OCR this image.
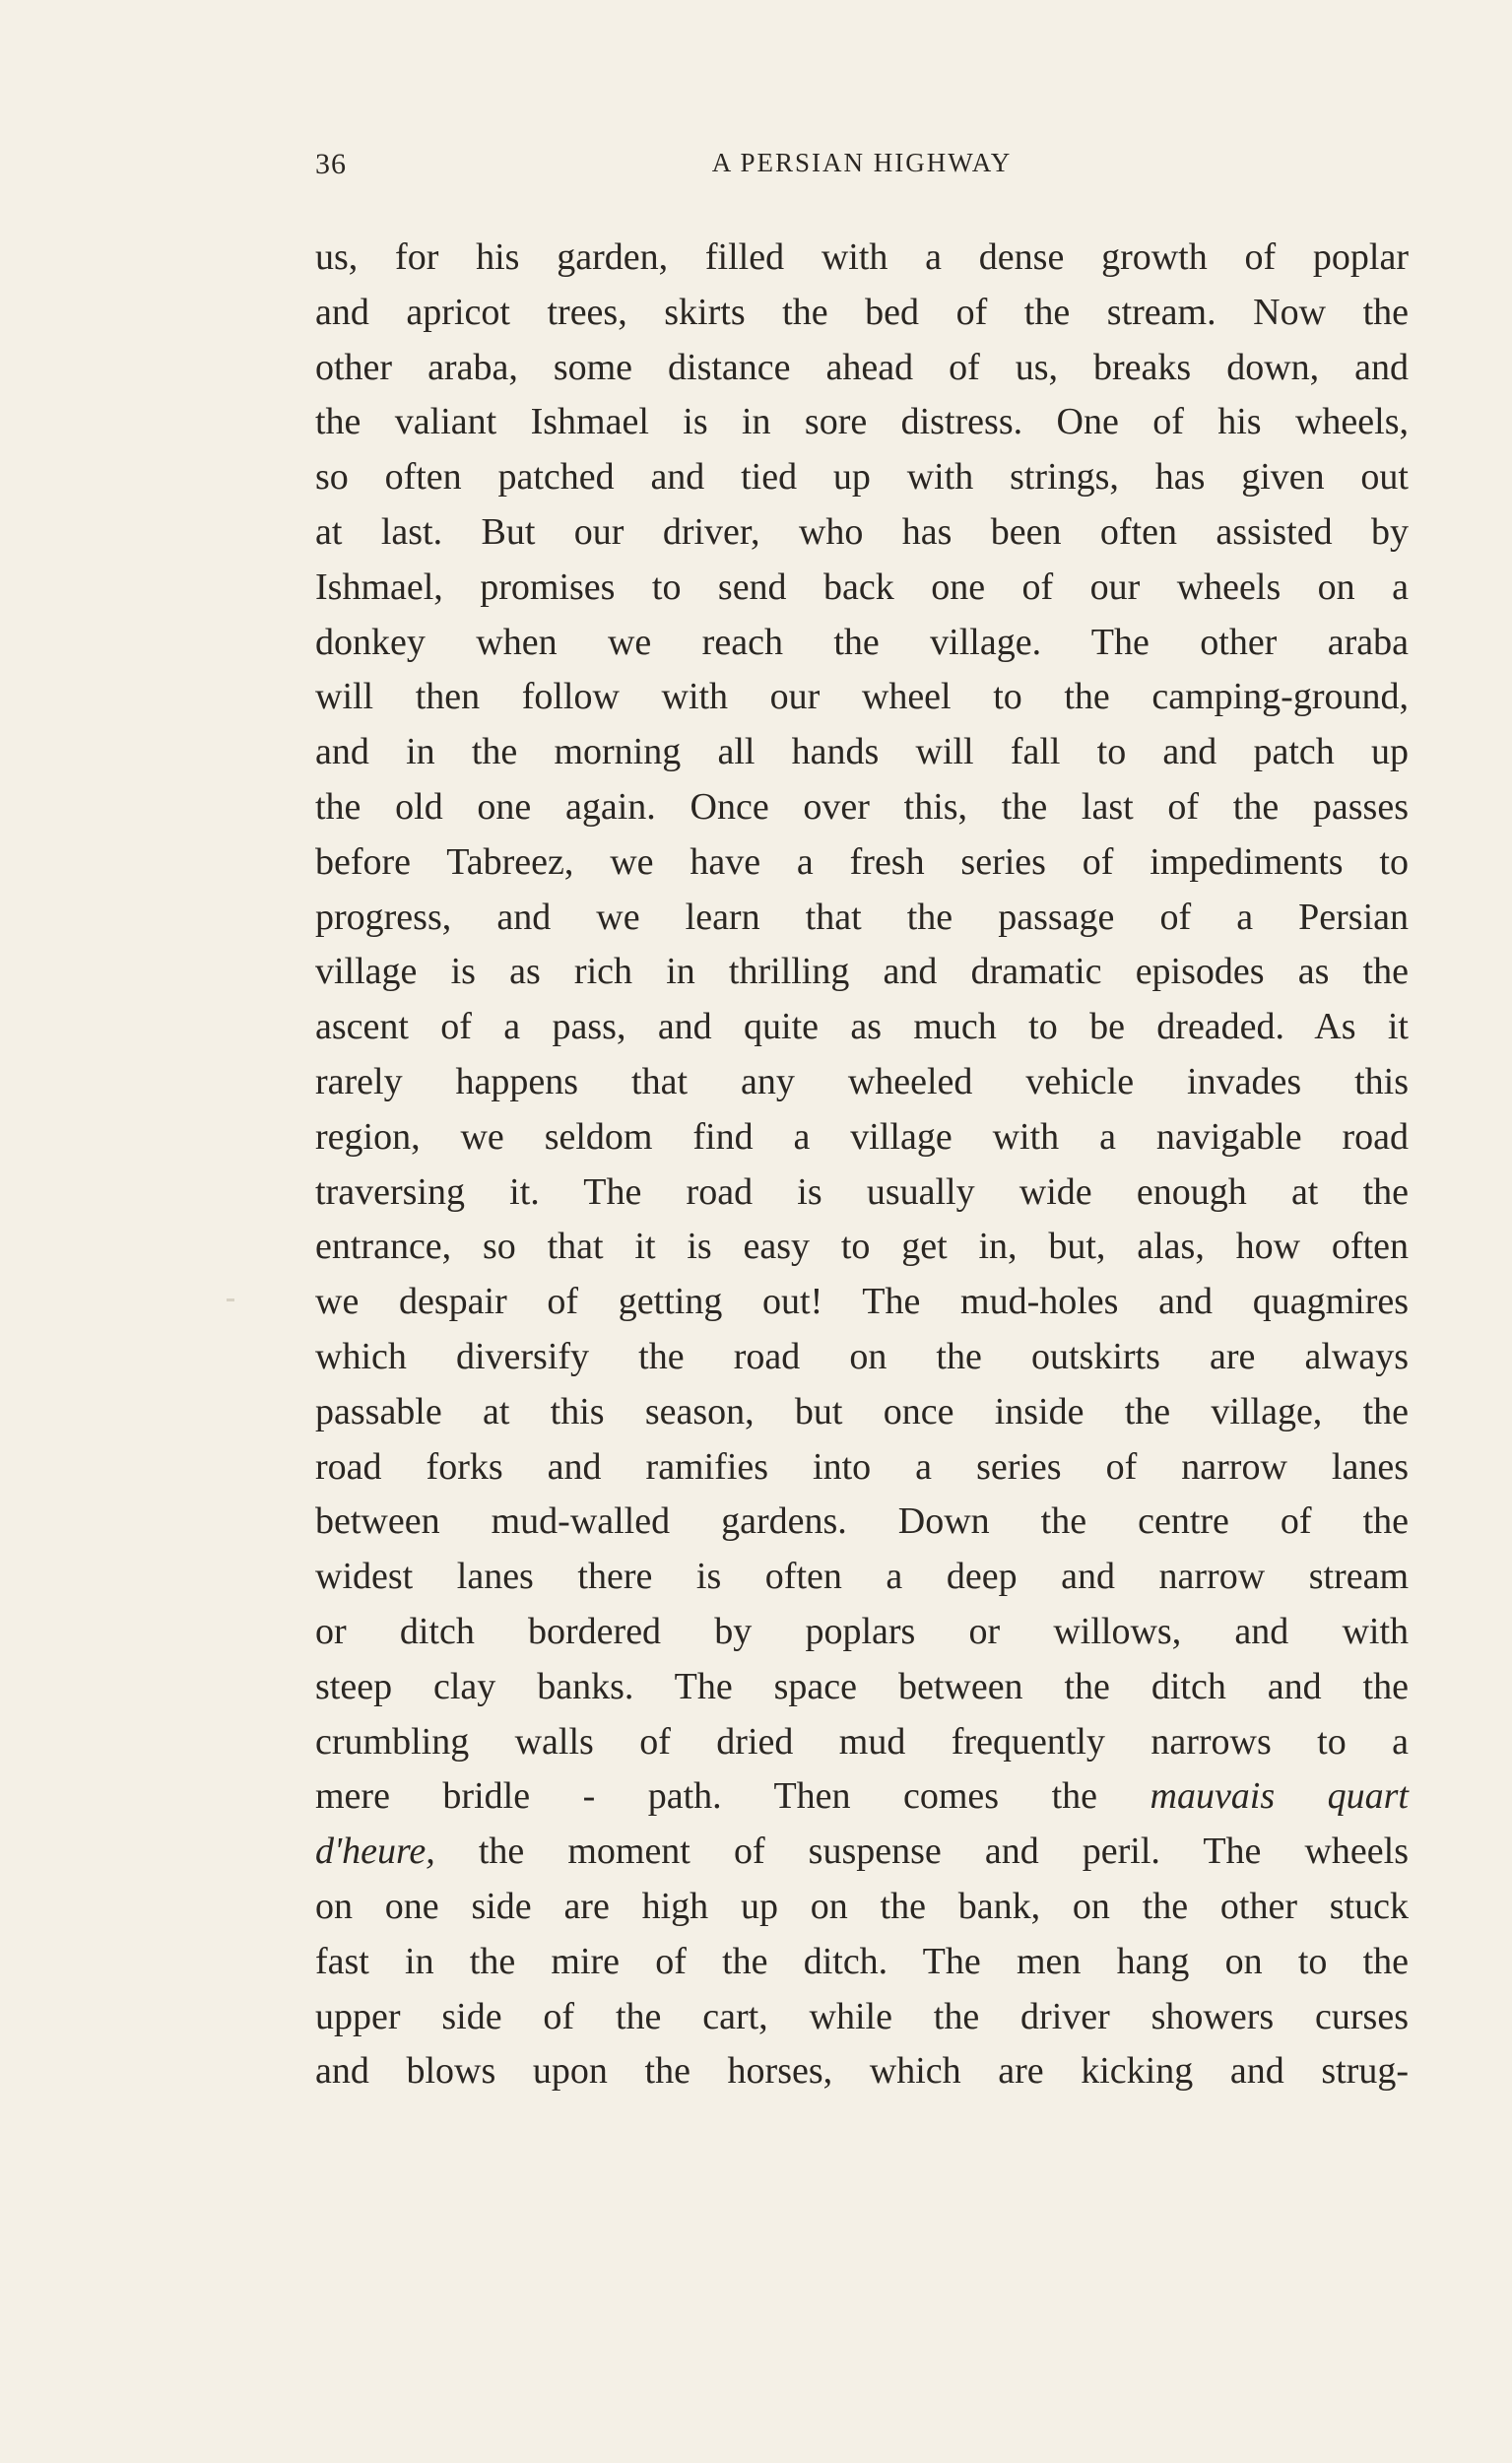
36	A PERSIAN HIGHWAY
us, for his garden, filled with a dense growth of poplar
and apricot trees, skirts the bed of the stream. Now the
other araba, some distance ahead of us, breaks down, and
the valiant Ishmael is in sore distress. One of his wheels,
so often patched and tied up with strings, has given out
at last. But our driver, who has been often assisted by
Ishmael, promises to send back one of our wheels on a
donkey when we reach the village. The other araba
will then follow with our wheel to the camping-ground,
and in the morning all hands will fall to and patch up
the old one again. Once over this, the last of the passes
before Tabreez, we have a fresh series of impediments to
progress, and we learn that the passage of a Persian
village is as rich in thrilling and dramatic episodes as the
ascent of a pass, and quite as much to be dreaded. As it
rarely happens that any wheeled vehicle invades this
region, we seldom find a village with a navigable road
traversing it. The road is usually wide enough at the
entrance, so that it is easy to get in, but, alas, how often
we despair of getting out! The mud-holes and quagmires
which diversify the road on the outskirts are always
passable at this season, but once inside the village, the
road forks and ramifies into a series of narrow lanes
between mud-walled gardens. Down the centre of the
widest lanes there is often a deep and narrow stream
or ditch bordered by poplars or willows, and with
steep clay banks. The space between the ditch and the
crumbling walls of dried mud frequently narrows to a
mere bridle - path. Then comes the mauvais quart
d'heure, the moment of suspense and peril. The wheels
on one side are high up on the bank, on the other stuck
fast in the mire of the ditch. The men hang on to the
upper side of the cart, while the driver showers curses
and blows upon the horses, which are kicking and strug-
